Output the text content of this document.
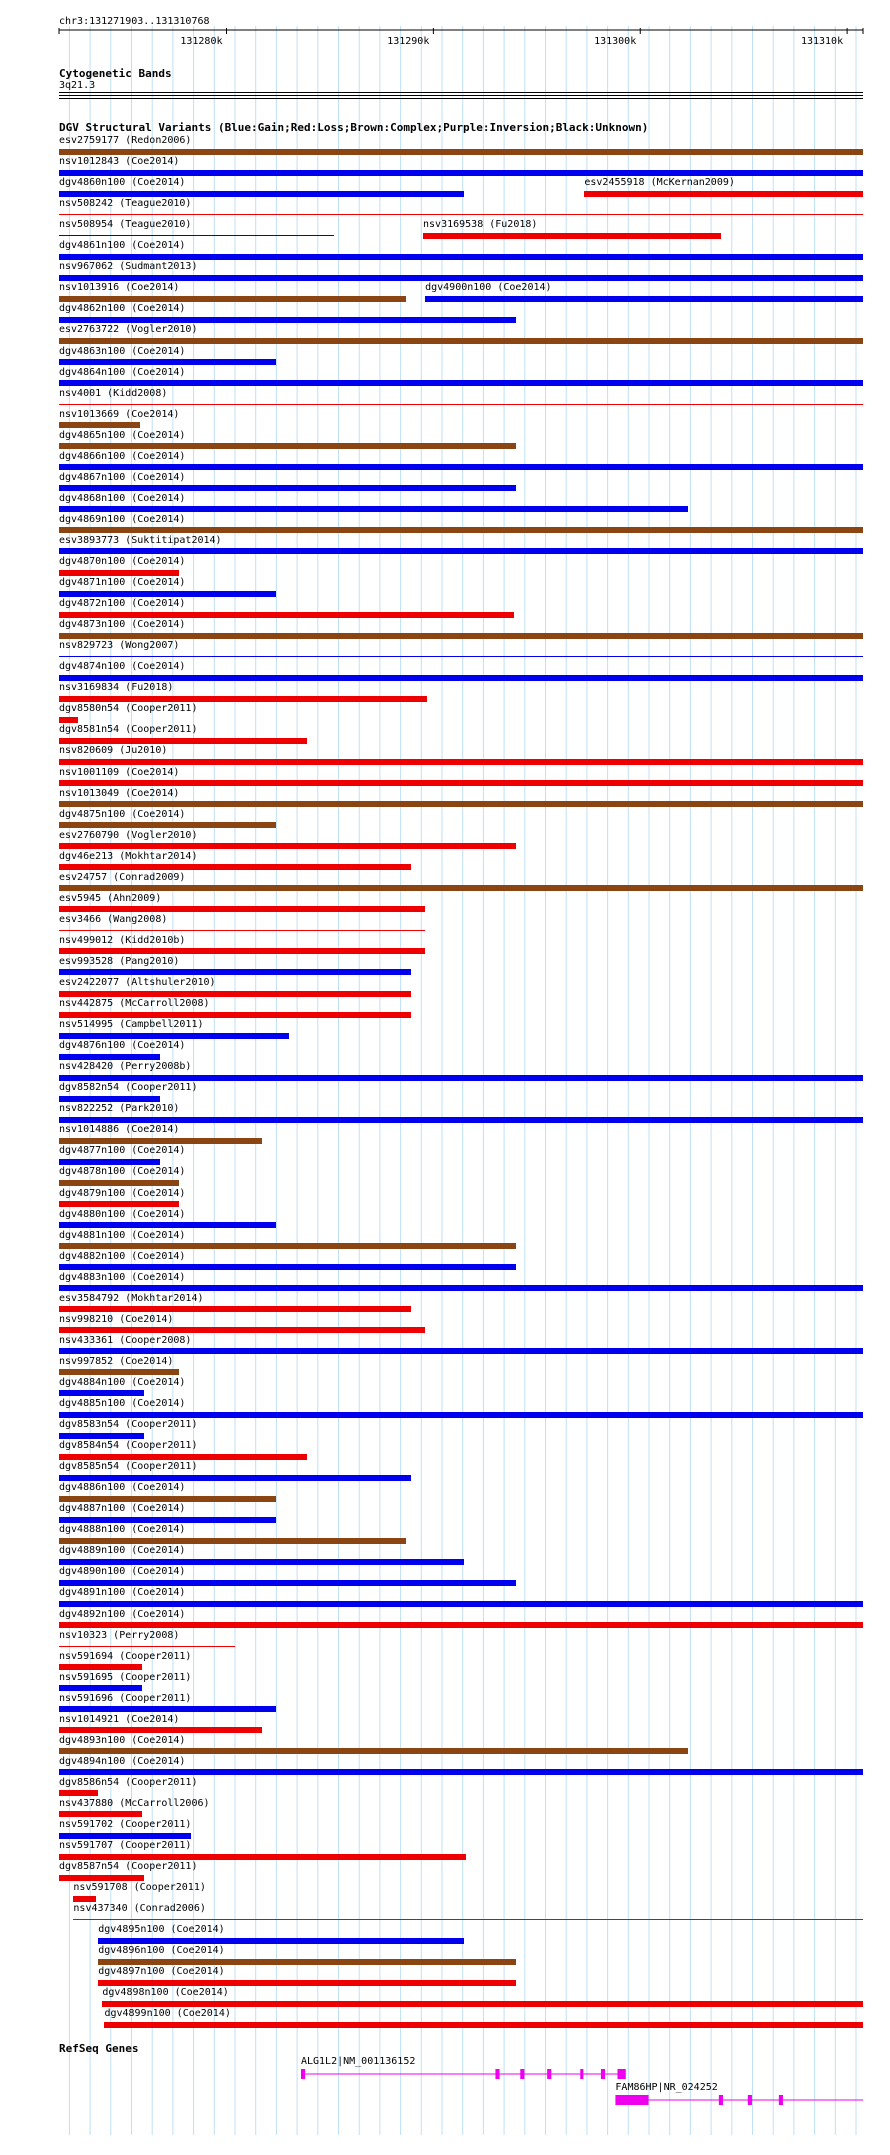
chr3:131271903..131310768
131280k	131290k	131300k	131310k
Cytogenetic Bands
3q21.3
DGV Structural Variants (Blue:Gain;Red:Loss;Brown:Complex;Purple:Inversion;Black:Unknown)
esv2759177 (Redon2006)
nsv1012843 (Coe2014)
dgv4860n100 (Coe2014)	esv2455918 (McKernan2009)
nsv508242 (Teague2010)
nsv508954 (Teague2010)	nsv3169538 (Fu2018)
dgv4861n100 (Coe2014)
nsv967062 (Sudmant2013)
nsv1013916 (Coe2014)	dgv4900n100 (Coe2014)
dgv4862n100 (Coe2014)
esv2763722 (Vogler2010)
dgv4863n100 (Coe2014)
dgv4864n100 (Coe2014)
nsv4001 (Kidd2008)
nsv1013669 (Coe2014)
dgv4865n100 (Coe2014)
dgv4866n100 (Coe2014)
dgv4867n100 (Coe2014)
dgv4868n100 (Coe2014)
dgv4869n100 (Coe2014)
esv3893773 (Suktitipat2014)
dgv4870n100 (Coe2014)
dgv4871n100 (Coe2014)
dgv4872n100 (Coe2014)
dgv4873n100 (Coe2014)
nsv829723 (Wong2007)
dgv4874n100 (Coe2014)
nsv3169834 (Fu2018)
dgv8580n54 (Cooper2011)
dgv8581n54 (Cooper2011)
nsv820609 (Ju2010)
nsv1001109 (Coe2014)
nsv1013049 (Coe2014)
dgv4875n100 (Coe2014)
esv2760790 (Vogler2010)
dgv46e213 (Mokhtar2014)
esv24757 (Conrad2009)
esv5945 (Ahn2009)
esv3466 (Wang2008)
nsv499012 (Kidd2010b)
esv993528 (Pang2010)
esv2422077 (Altshuler2010)
nsv442875 (McCarroll2008)
nsv514995 (Campbell2011)
dgv4876n100 (Coe2014)
nsv428420 (Perry2008b)
dgv8582n54 (Cooper2011)
nsv822252 (Park2010)
nsv1014886 (Coe2014)
dgv4877n100 (Coe2014)
dgv4878n100 (Coe2014)
dgv4879n100 (Coe2014)
dgv4880n100 (Coe2014)
dgv4881n100 (Coe2014)
dgv4882n100 (Coe2014)
dgv4883n100 (Coe2014)
esv3584792 (Mokhtar2014)
nsv998210 (Coe2014)
nsv433361 (Cooper2008)
nsv997852 (Coe2014)
dgv4884n100 (Coe2014)
dgv4885n100 (Coe2014)
dgv8583n54 (Cooper2011)
dgv8584n54 (Cooper2011)
dgv8585n54 (Cooper2011)
dgv4886n100 (Coe2014)
dgv4887n100 (Coe2014)
dgv4888n100 (Coe2014)
dgv4889n100 (Coe2014)
dgv4890n100 (Coe2014)
dgv4891n100 (Coe2014)
dgv4892n100 (Coe2014)
nsv10323 (Perry2008)
nsv591694 (Cooper2011)
nsv591695 (Cooper2011)
nsv591696 (Cooper2011)
nsv1014921 (Coe2014)
dgv4893n100 (Coe2014)
dgv4894n100 (Coe2014)
dgv8586n54 (Cooper2011)
nsv437880 (McCarroll2006)
nsv591702 (Cooper2011)
nsv591707 (Cooper2011)
dgv8587n54 (Cooper2011)
nsv591708 (Cooper2011)
nsv437340 (Conrad2006)
dgv4895n100 (Coe2014)
dgv4896n100 (Coe2014)
dgv4897n100 (Coe2014)
dgv4898n100 (Coe2014)
dgv4899n100 (Coe2014)
RefSeq Genes
ALG1L2|NM_001136152
FAM86HP|NR_024252
